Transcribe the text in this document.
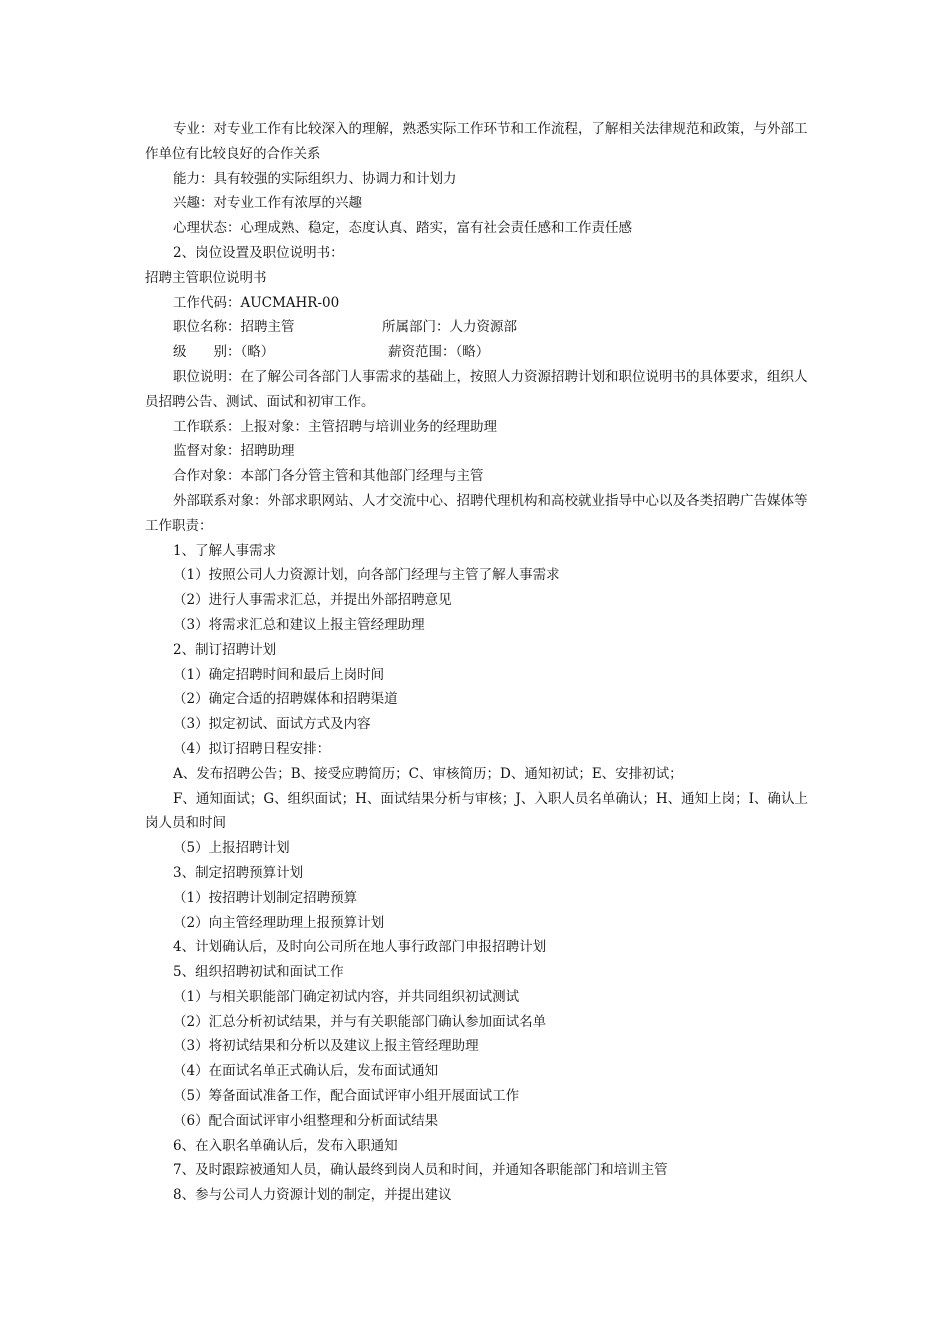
专业：对专业工作有比较深入的理解，熟悉实际工作环节和工作流程，了解相关法律规范和政策，与外部工作单位有比较良好的合作关系

能力：具有较强的实际组织力、协调力和计划力

兴趣：对专业工作有浓厚的兴趣

心理状态：心理成熟、稳定，态度认真、踏实，富有社会责任感和工作责任感

2、岗位设置及职位说明书：

招聘主管职位说明书

工作代码：AUCMAHR-00

职位名称：招聘主管	所属部门：人力资源部
级　　别：（略）	薪资范围：（略）

职位说明：在了解公司各部门人事需求的基础上，按照人力资源招聘计划和职位说明书的具体要求，组织人员招聘公告、测试、面试和初审工作。

工作联系：上报对象：主管招聘与培训业务的经理助理

监督对象：招聘助理

合作对象：本部门各分管主管和其他部门经理与主管

外部联系对象：外部求职网站、人才交流中心、招聘代理机构和高校就业指导中心以及各类招聘广告媒体等工作职责：

1、了解人事需求

（1）按照公司人力资源计划，向各部门经理与主管了解人事需求

（2）进行人事需求汇总，并提出外部招聘意见

（3）将需求汇总和建议上报主管经理助理

2、制订招聘计划

（1）确定招聘时间和最后上岗时间

（2）确定合适的招聘媒体和招聘渠道

（3）拟定初试、面试方式及内容

（4）拟订招聘日程安排：

A、发布招聘公告；B、接受应聘简历；C、审核简历；D、通知初试；E、安排初试；

F、通知面试；G、组织面试；H、面试结果分析与审核；J、入职人员名单确认；H、通知上岗；I、确认上岗人员和时间

（5）上报招聘计划

3、制定招聘预算计划

（1）按招聘计划制定招聘预算

（2）向主管经理助理上报预算计划

4、计划确认后，及时向公司所在地人事行政部门申报招聘计划

5、组织招聘初试和面试工作

（1）与相关职能部门确定初试内容，并共同组织初试测试

（2）汇总分析初试结果，并与有关职能部门确认参加面试名单

（3）将初试结果和分析以及建议上报主管经理助理

（4）在面试名单正式确认后，发布面试通知

（5）筹备面试准备工作，配合面试评审小组开展面试工作

（6）配合面试评审小组整理和分析面试结果

6、在入职名单确认后，发布入职通知

7、及时跟踪被通知人员，确认最终到岗人员和时间，并通知各职能部门和培训主管

8、参与公司人力资源计划的制定，并提出建议
